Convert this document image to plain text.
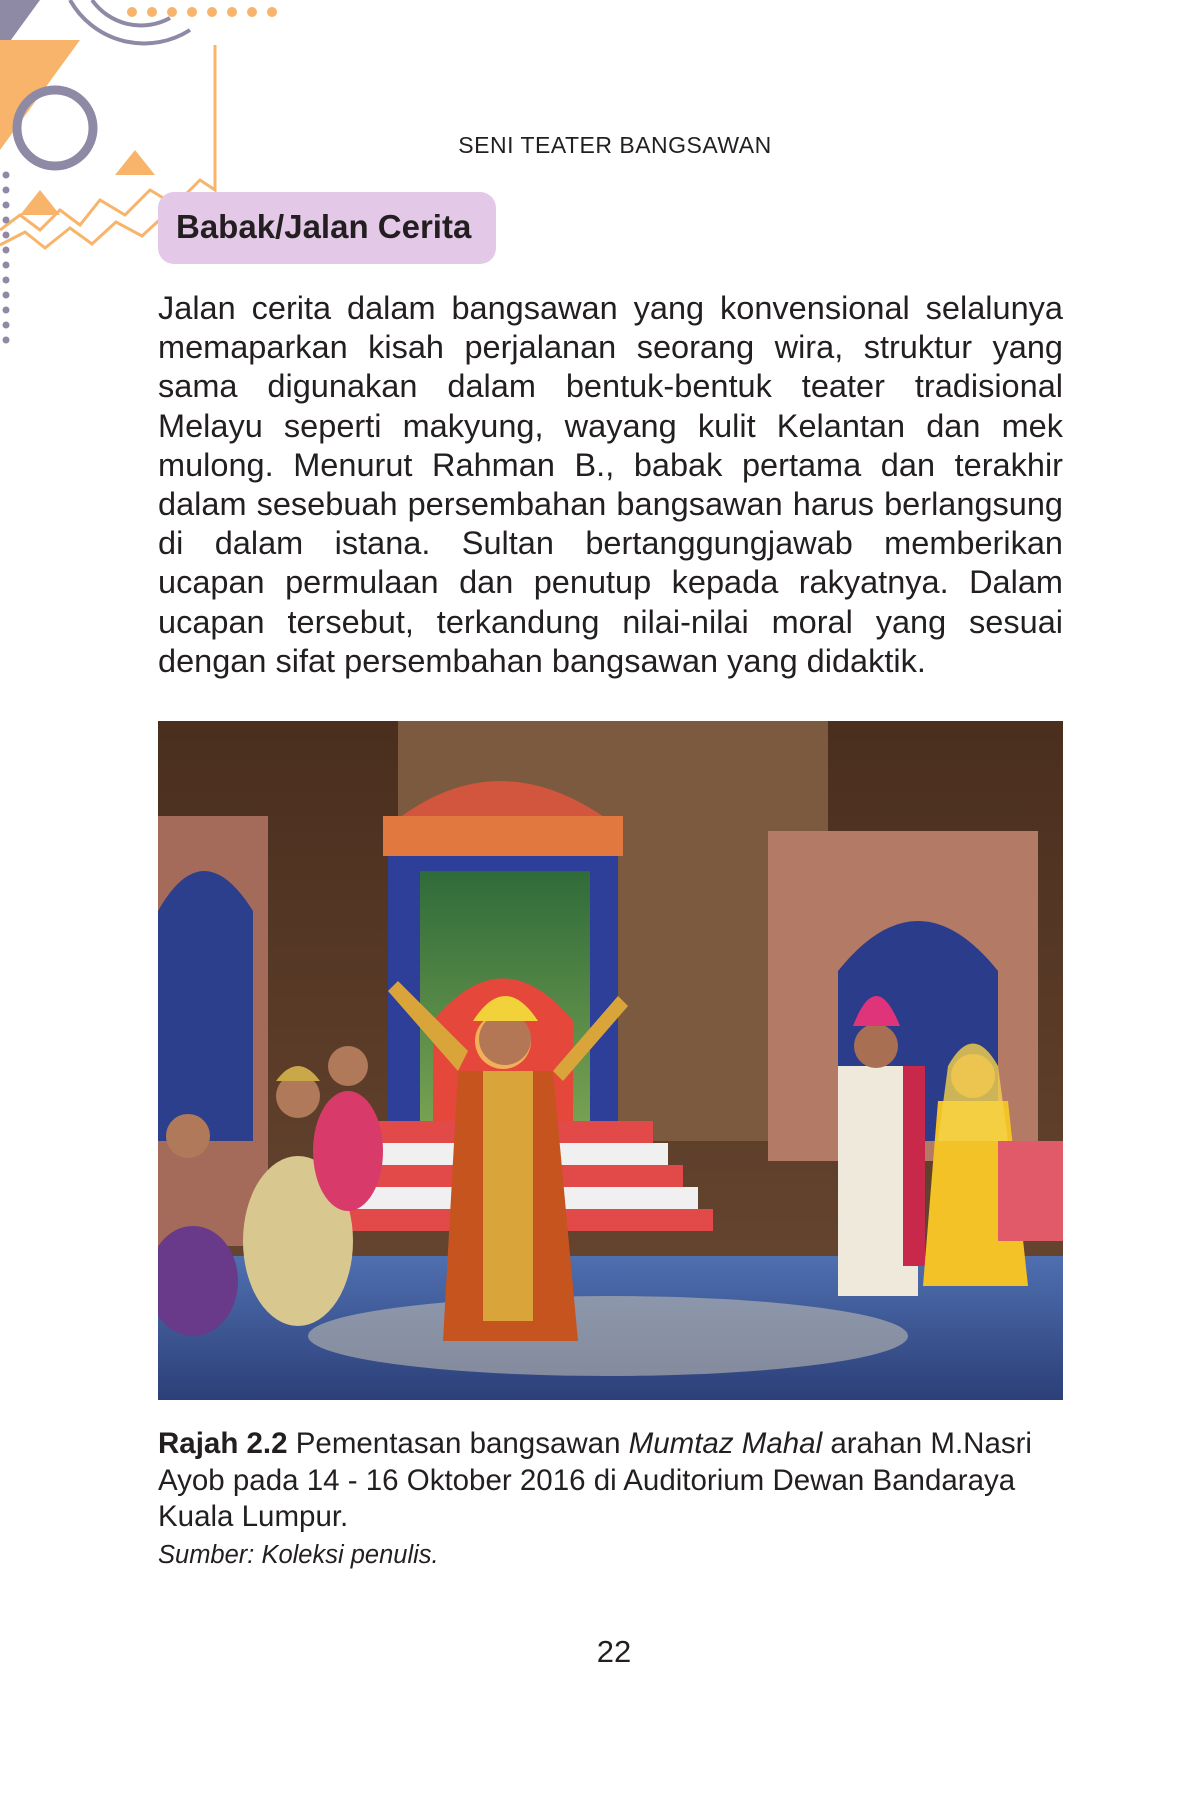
SENI TEATER BANGSAWAN
Babak/Jalan Cerita

Jalan cerita dalam bangsawan yang konvensional selalunya memaparkan kisah perjalanan seorang wira, struktur yang sama digunakan dalam bentuk-bentuk teater tradisional Melayu seperti makyung, wayang kulit Kelantan dan mek mulong. Menurut Rahman B., babak pertama dan terakhir dalam sesebuah persembahan bangsawan harus berlangsung di dalam istana. Sultan bertanggungjawab memberikan ucapan permulaan dan penutup kepada rakyatnya. Dalam ucapan tersebut, terkandung nilai-nilai moral yang sesuai dengan sifat persembahan bangsawan yang didaktik.

Rajah 2.2 Pementasan bangsawan Mumtaz Mahal arahan M.Nasri Ayob pada 14 - 16 Oktober 2016 di Auditorium Dewan Bandaraya Kuala Lumpur.

Sumber: Koleksi penulis.
22
